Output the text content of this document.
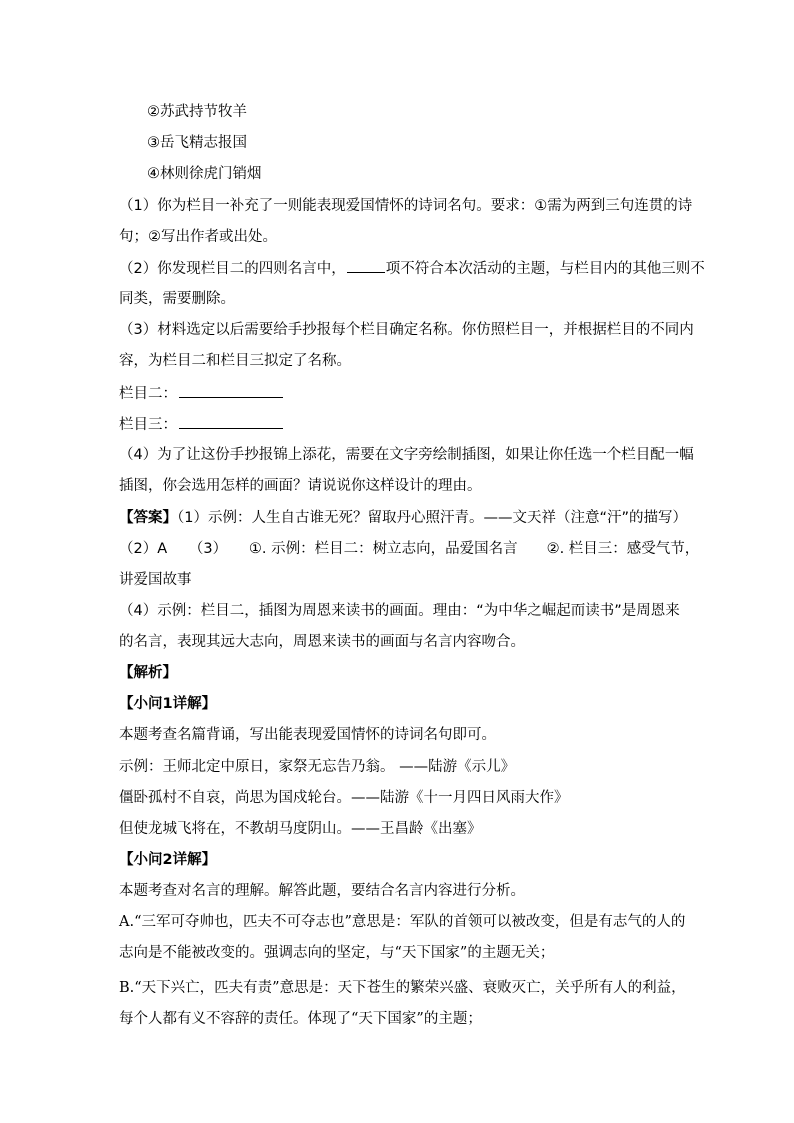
②苏武持节牧羊
③岳飞精志报国
④林则徐虎门销烟
（1）你为栏目一补充了一则能表现爱国情怀的诗词名句。要求：①需为两到三句连贯的诗
句；②写出作者或出处。
（2）你发现栏目二的四则名言中，	项不符合本次活动的主题，与栏目内的其他三则不
同类，需要删除。
（3）材料选定以后需要给手抄报每个栏目确定名称。你仿照栏目一，并根据栏目的不同内
容，为栏目二和栏目三拟定了名称。
栏目二：
栏目三：
（4）为了让这份手抄报锦上添花，需要在文字旁绘制插图，如果让你任选一个栏目配一幅
插图，你会选用怎样的画面？请说说你这样设计的理由。
【答案】（1）示例：人生自古谁无死？留取丹心照汗青。——文天祥（注意“汗”的描写）
（2）A　　（3）　　①. 示例：栏目二：树立志向，品爱国名言　　②. 栏目三：感受气节，
讲爱国故事
（4）示例：栏目二，插图为周恩来读书的画面。理由：“为中华之崛起而读书”是周恩来
的名言，表现其远大志向，周恩来读书的画面与名言内容吻合。
【解析】
【小问1详解】
本题考查名篇背诵，写出能表现爱国情怀的诗词名句即可。
示例：王师北定中原日，家祭无忘告乃翁。 ——陆游《示儿》
僵卧孤村不自哀，尚思为国戍轮台。——陆游《十一月四日风雨大作》
但使龙城飞将在，不教胡马度阴山。——王昌龄《出塞》
【小问2详解】
本题考查对名言的理解。解答此题，要结合名言内容进行分析。
A.“三军可夺帅也，匹夫不可夺志也”意思是：军队的首领可以被改变，但是有志气的人的
志向是不能被改变的。强调志向的坚定，与“天下国家”的主题无关；
B.“天下兴亡，匹夫有责”意思是：天下苍生的繁荣兴盛、衰败灭亡，关乎所有人的利益，
每个人都有义不容辞的责任。体现了“天下国家”的主题；
